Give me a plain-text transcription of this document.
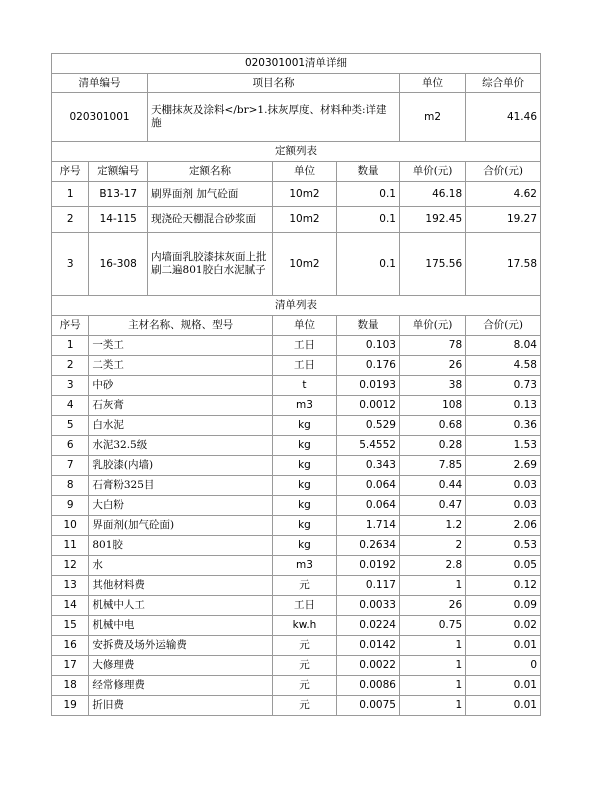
020301001清单详细						
清单编号		项目名称			单位	综合单价
020301001		天棚抹灰及涂料</br>1.抹灰厚度、材料种类:详建施			m2	41.46
定额列表						
序号	定额编号	定额名称	单位	数量	单价(元)	合价(元)
1	B13-17	刷界面剂 加气砼面	10m2	0.1	46.18	4.62
2	14-115	现浇砼天棚混合砂浆面	10m2	0.1	192.45	19.27
3	16-308	内墙面乳胶漆抹灰面上批刷二遍801胶白水泥腻子	10m2	0.1	175.56	17.58
清单列表						
序号	主材名称、规格、型号		单位	数量	单价(元)	合价(元)
1	一类工		工日	0.103	78	8.04
2	二类工		工日	0.176	26	4.58
3	中砂		t	0.0193	38	0.73
4	石灰膏		m3	0.0012	108	0.13
5	白水泥		kg	0.529	0.68	0.36
6	水泥32.5级		kg	5.4552	0.28	1.53
7	乳胶漆(内墙)		kg	0.343	7.85	2.69
8	石膏粉325目		kg	0.064	0.44	0.03
9	大白粉		kg	0.064	0.47	0.03
10	界面剂(加气砼面)		kg	1.714	1.2	2.06
11	801胶		kg	0.2634	2	0.53
12	水		m3	0.0192	2.8	0.05
13	其他材料费		元	0.117	1	0.12
14	机械中人工		工日	0.0033	26	0.09
15	机械中电		kw.h	0.0224	0.75	0.02
16	安拆费及场外运输费		元	0.0142	1	0.01
17	大修理费		元	0.0022	1	0
18	经常修理费		元	0.0086	1	0.01
19	折旧费		元	0.0075	1	0.01
